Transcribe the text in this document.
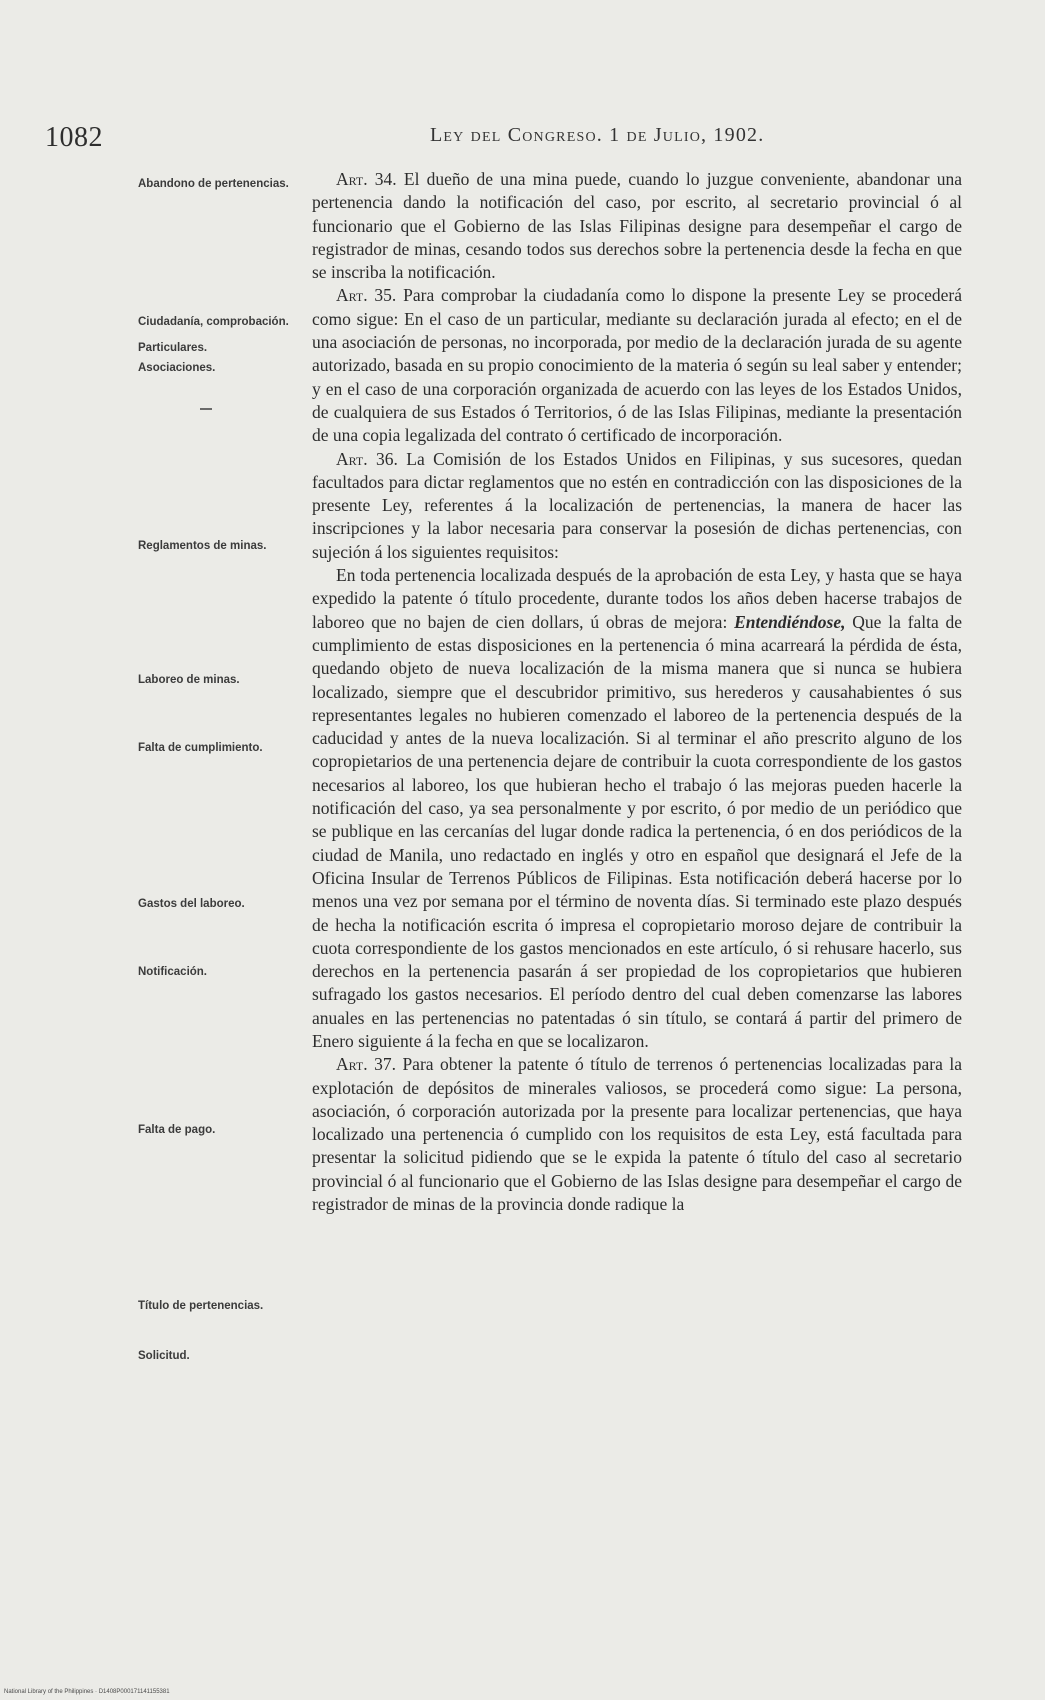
1082	Ley del Congreso. 1 de Julio, 1902.
Abandono de pertenencias.
Ciudadanía, comprobación.
Particulares.
Asociaciones.
Reglamentos de minas.
Laboreo de minas.
Falta de cumplimiento.
Gastos del laboreo.
Notificación.
Falta de pago.
Título de pertenencias.
Solicitud.

Art. 34. El dueño de una mina puede, cuando lo juzgue conveniente, abandonar una pertenencia dando la notificación del caso, por escrito, al secretario provincial ó al funcionario que el Gobierno de las Islas Filipinas designe para desempeñar el cargo de registrador de minas, cesando todos sus derechos sobre la pertenencia desde la fecha en que se inscriba la notificación.

Art. 35. Para comprobar la ciudadanía como lo dispone la presente Ley se procederá como sigue: En el caso de un particular, mediante su declaración jurada al efecto; en el de una asociación de personas, no incorporada, por medio de la declaración jurada de su agente autorizado, basada en su propio conocimiento de la materia ó según su leal saber y entender; y en el caso de una corporación organizada de acuerdo con las leyes de los Estados Unidos, de cualquiera de sus Estados ó Territorios, ó de las Islas Filipinas, mediante la presentación de una copia legalizada del contrato ó certificado de incorporación.

Art. 36. La Comisión de los Estados Unidos en Filipinas, y sus sucesores, quedan facultados para dictar reglamentos que no estén en contradicción con las disposiciones de la presente Ley, referentes á la localización de pertenencias, la manera de hacer las inscripciones y la labor necesaria para conservar la posesión de dichas pertenencias, con sujeción á los siguientes requisitos:

En toda pertenencia localizada después de la aprobación de esta Ley, y hasta que se haya expedido la patente ó título procedente, durante todos los años deben hacerse trabajos de laboreo que no bajen de cien dollars, ú obras de mejora: Entendiéndose, Que la falta de cumplimiento de estas disposiciones en la pertenencia ó mina acarreará la pérdida de ésta, quedando objeto de nueva localización de la misma manera que si nunca se hubiera localizado, siempre que el descubridor primitivo, sus herederos y causahabientes ó sus representantes legales no hubieren comenzado el laboreo de la pertenencia después de la caducidad y antes de la nueva localización. Si al terminar el año prescrito alguno de los copropietarios de una pertenencia dejare de contribuir la cuota correspondiente de los gastos necesarios al laboreo, los que hubieran hecho el trabajo ó las mejoras pueden hacerle la notificación del caso, ya sea personalmente y por escrito, ó por medio de un periódico que se publique en las cercanías del lugar donde radica la pertenencia, ó en dos periódicos de la ciudad de Manila, uno redactado en inglés y otro en español que designará el Jefe de la Oficina Insular de Terrenos Públicos de Filipinas. Esta notificación deberá hacerse por lo menos una vez por semana por el término de noventa días. Si terminado este plazo después de hecha la notificación escrita ó impresa el copropietario moroso dejare de contribuir la cuota correspondiente de los gastos mencionados en este artículo, ó si rehusare hacerlo, sus derechos en la pertenencia pasarán á ser propiedad de los copropietarios que hubieren sufragado los gastos necesarios. El período dentro del cual deben comenzarse las labores anuales en las pertenencias no patentadas ó sin título, se contará á partir del primero de Enero siguiente á la fecha en que se localizaron.

Art. 37. Para obtener la patente ó título de terrenos ó pertenencias localizadas para la explotación de depósitos de minerales valiosos, se procederá como sigue: La persona, asociación, ó corporación autorizada por la presente para localizar pertenencias, que haya localizado una pertenencia ó cumplido con los requisitos de esta Ley, está facultada para presentar la solicitud pidiendo que se le expida la patente ó título del caso al secretario provincial ó al funcionario que el Gobierno de las Islas designe para desempeñar el cargo de registrador de minas de la provincia donde radique la

National Library of the Philippines · D1408P000171141155381
